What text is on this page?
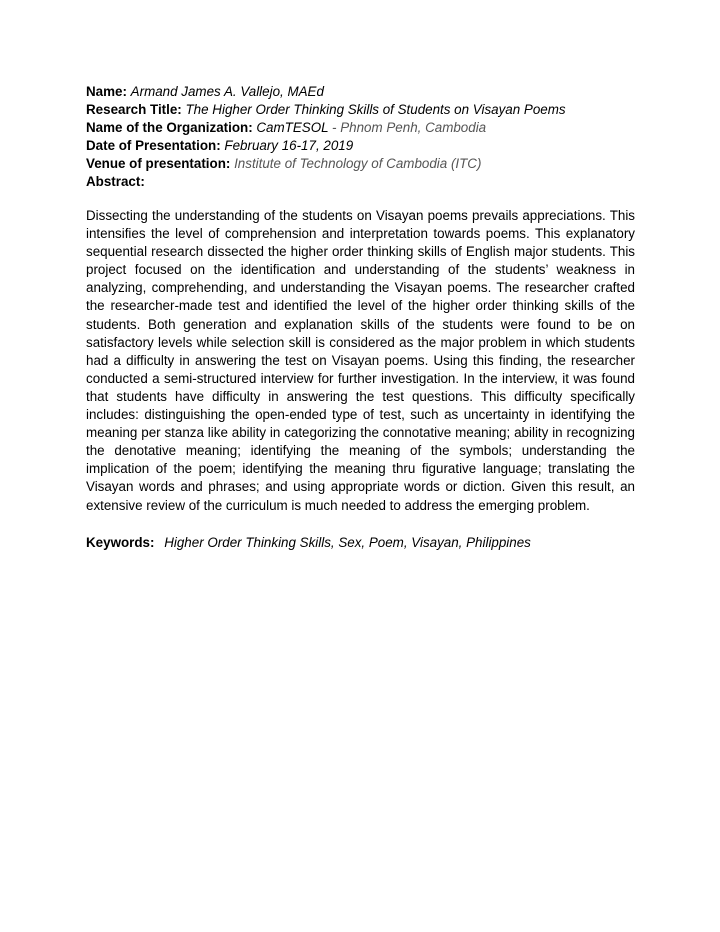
Name: Armand James A. Vallejo, MAEd
Research Title: The Higher Order Thinking Skills of Students on Visayan Poems
Name of the Organization: CamTESOL - Phnom Penh, Cambodia
Date of Presentation: February 16-17, 2019
Venue of presentation: Institute of Technology of Cambodia (ITC)
Abstract:

Dissecting the understanding of the students on Visayan poems prevails appreciations. This intensifies the level of comprehension and interpretation towards poems. This explanatory sequential research dissected the higher order thinking skills of English major students. This project focused on the identification and understanding of the students’ weakness in analyzing, comprehending, and understanding the Visayan poems. The researcher crafted the researcher-made test and identified the level of the higher order thinking skills of the students. Both generation and explanation skills of the students were found to be on satisfactory levels while selection skill is considered as the major problem in which students had a difficulty in answering the test on Visayan poems. Using this finding, the researcher conducted a semi-structured interview for further investigation. In the interview, it was found that students have difficulty in answering the test questions. This difficulty specifically includes: distinguishing the open-ended type of test, such as uncertainty in identifying the meaning per stanza like ability in categorizing the connotative meaning; ability in recognizing the denotative meaning; identifying the meaning of the symbols; understanding the implication of the poem; identifying the meaning thru figurative language; translating the Visayan words and phrases; and using appropriate words or diction. Given this result, an extensive review of the curriculum is much needed to address the emerging problem.

Keywords: Higher Order Thinking Skills, Sex, Poem, Visayan, Philippines
